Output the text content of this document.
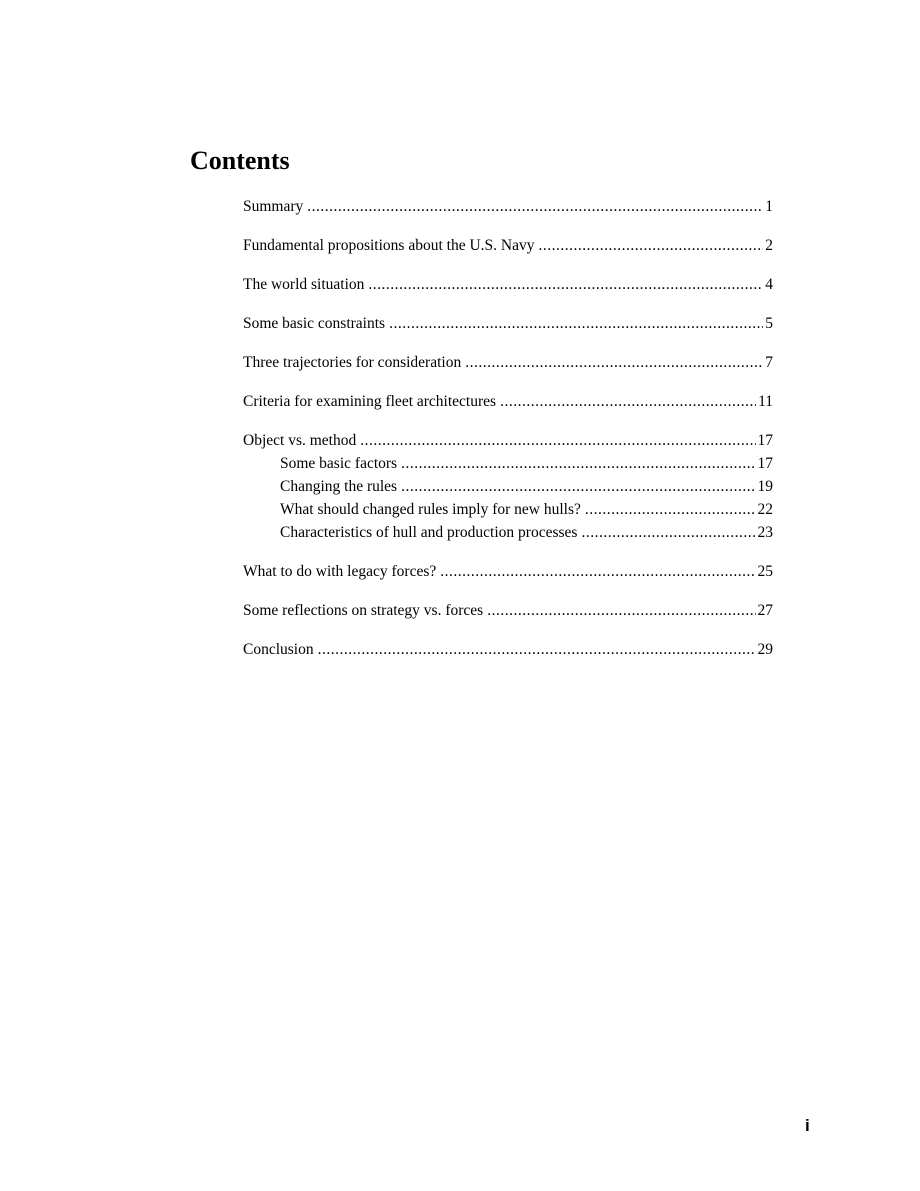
Contents
Summary .....	1
Fundamental propositions about the U.S. Navy .....	2
The world situation .....	4
Some basic constraints .....	5
Three trajectories for consideration .....	7
Criteria for examining fleet architectures .....	11
Object vs. method .....	17
Some basic factors .....	17
Changing the rules .....	19
What should changed rules imply for new hulls? .....	22
Characteristics of hull and production processes .....	23
What to do with legacy forces? .....	25
Some reflections on strategy vs. forces .....	27
Conclusion .....	29
i
